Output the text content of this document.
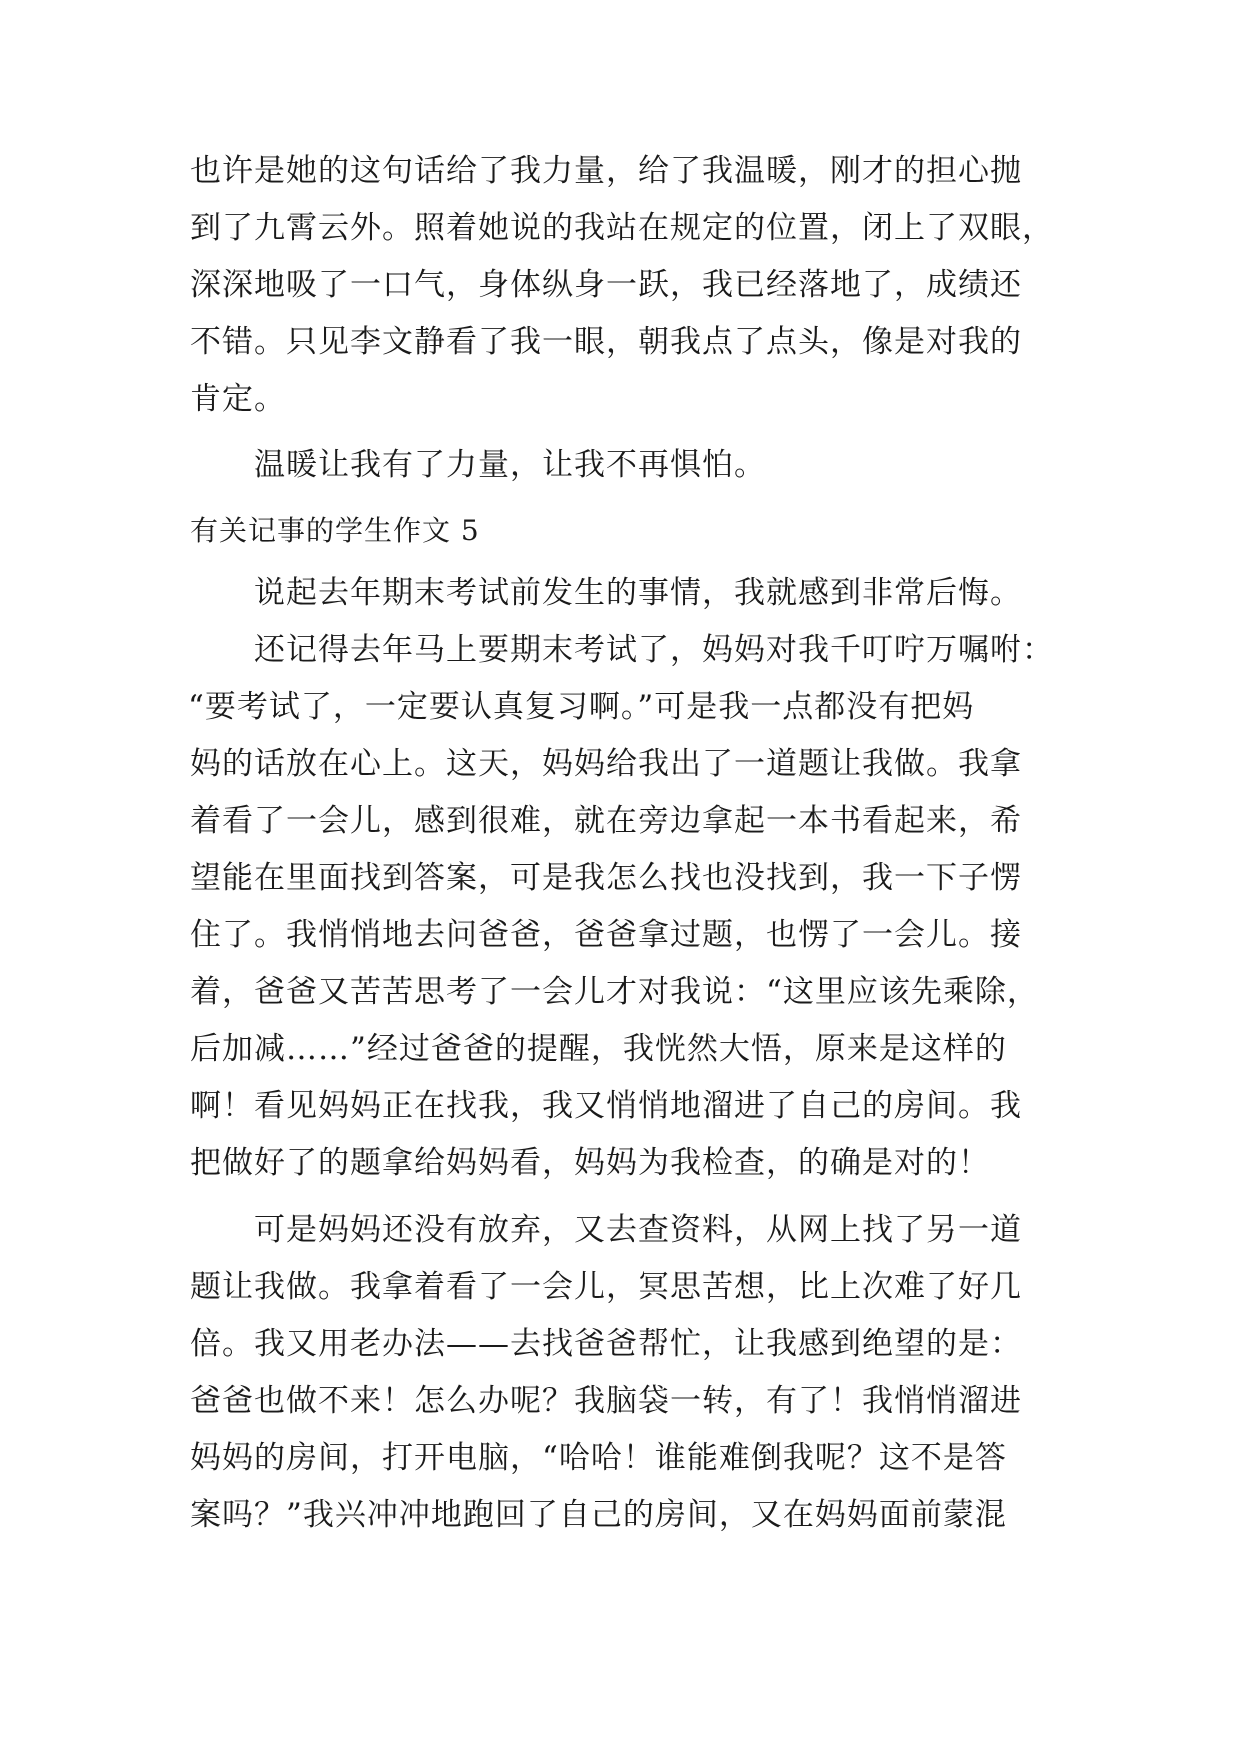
也许是她的这句话给了我力量，给了我温暖，刚才的担心抛
到了九霄云外。照着她说的我站在规定的位置，闭上了双眼，
深深地吸了一口气，身体纵身一跃，我已经落地了，成绩还
不错。只见李文静看了我一眼，朝我点了点头，像是对我的
肯定。
温暖让我有了力量，让我不再惧怕。
有关记事的学生作文 5
说起去年期末考试前发生的事情，我就感到非常后悔。
还记得去年马上要期末考试了，妈妈对我千叮咛万嘱咐：
“要考试了，一定要认真复习啊。”可是我一点都没有把妈
妈的话放在心上。这天，妈妈给我出了一道题让我做。我拿
着看了一会儿，感到很难，就在旁边拿起一本书看起来，希
望能在里面找到答案，可是我怎么找也没找到，我一下子愣
住了。我悄悄地去问爸爸，爸爸拿过题，也愣了一会儿。接
着，爸爸又苦苦思考了一会儿才对我说：“这里应该先乘除，
后加减……”经过爸爸的提醒，我恍然大悟，原来是这样的
啊！看见妈妈正在找我，我又悄悄地溜进了自己的房间。我
把做好了的题拿给妈妈看，妈妈为我检查，的确是对的！
可是妈妈还没有放弃，又去查资料，从网上找了另一道
题让我做。我拿着看了一会儿，冥思苦想，比上次难了好几
倍。我又用老办法——去找爸爸帮忙，让我感到绝望的是：
爸爸也做不来！怎么办呢？我脑袋一转，有了！我悄悄溜进
妈妈的房间，打开电脑，“哈哈！谁能难倒我呢？这不是答
案吗？”我兴冲冲地跑回了自己的房间，又在妈妈面前蒙混
